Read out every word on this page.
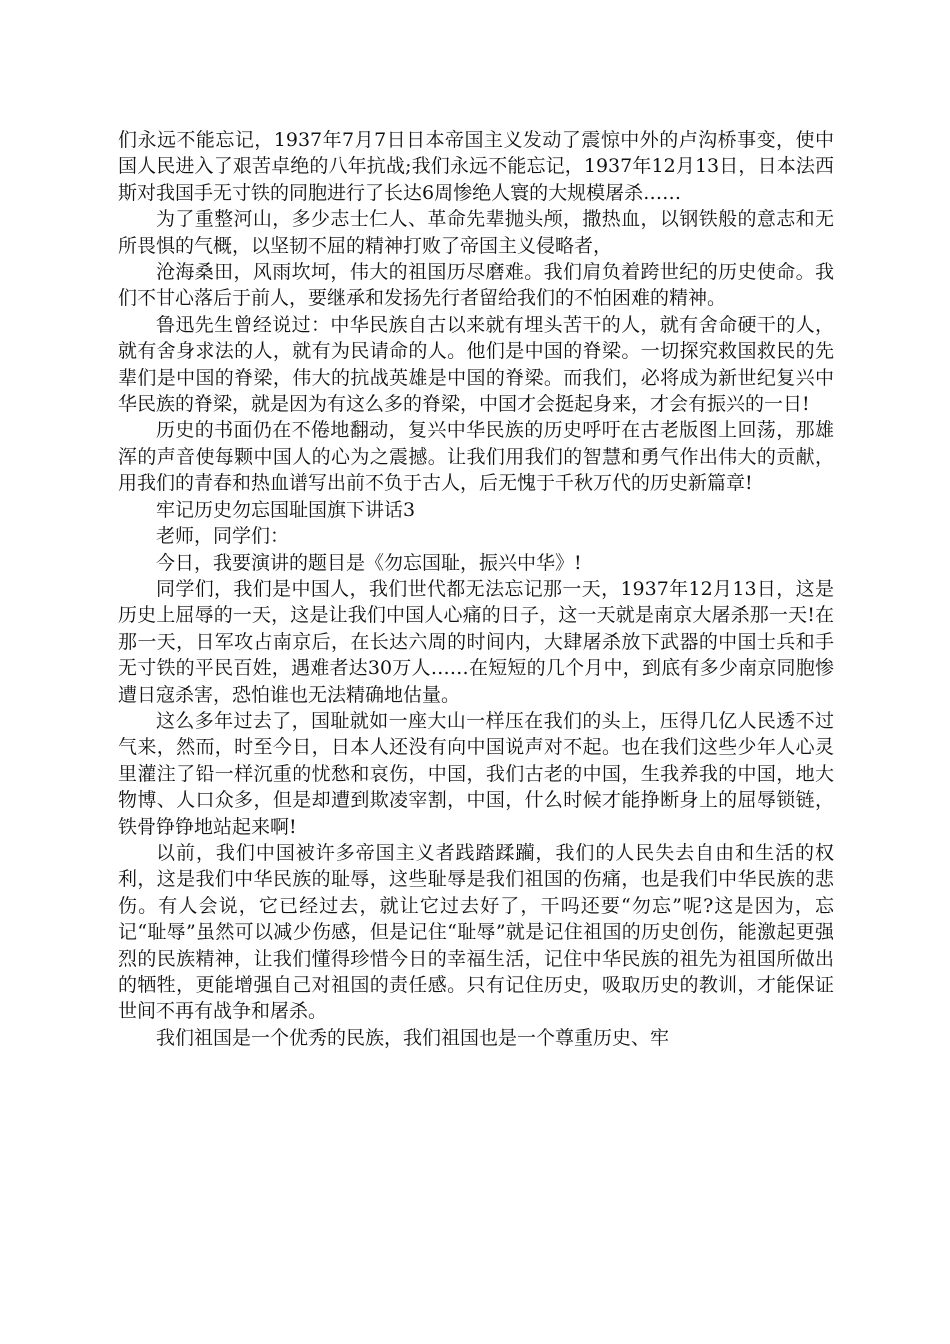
们永远不能忘记，1937年7月7日日本帝国主义发动了震惊中外的卢沟桥事变，使中国人民进入了艰苦卓绝的八年抗战;我们永远不能忘记，1937年12月13日，日本法西斯对我国手无寸铁的同胞进行了长达6周惨绝人寰的大规模屠杀……

为了重整河山，多少志士仁人、革命先辈抛头颅，撒热血，以钢铁般的意志和无所畏惧的气概，以坚韧不屈的精神打败了帝国主义侵略者，

沧海桑田，风雨坎坷，伟大的祖国历尽磨难。我们肩负着跨世纪的历史使命。我们不甘心落后于前人，要继承和发扬先行者留给我们的不怕困难的精神。

鲁迅先生曾经说过：中华民族自古以来就有埋头苦干的人，就有舍命硬干的人，就有舍身求法的人，就有为民请命的人。他们是中国的脊梁。一切探究救国救民的先辈们是中国的脊梁，伟大的抗战英雄是中国的脊梁。而我们，必将成为新世纪复兴中华民族的脊梁，就是因为有这么多的脊梁，中国才会挺起身来，才会有振兴的一日!

历史的书面仍在不倦地翻动，复兴中华民族的历史呼吁在古老版图上回荡，那雄浑的声音使每颗中国人的心为之震撼。让我们用我们的智慧和勇气作出伟大的贡献，用我们的青春和热血谱写出前不负于古人，后无愧于千秋万代的历史新篇章!

牢记历史勿忘国耻国旗下讲话3

老师，同学们：

今日，我要演讲的题目是《勿忘国耻，振兴中华》!

同学们，我们是中国人，我们世代都无法忘记那一天，1937年12月13日，这是历史上屈辱的一天，这是让我们中国人心痛的日子，这一天就是南京大屠杀那一天!在那一天，日军攻占南京后，在长达六周的时间内，大肆屠杀放下武器的中国士兵和手无寸铁的平民百姓，遇难者达30万人……在短短的几个月中，到底有多少南京同胞惨遭日寇杀害，恐怕谁也无法精确地估量。

这么多年过去了，国耻就如一座大山一样压在我们的头上，压得几亿人民透不过气来，然而，时至今日，日本人还没有向中国说声对不起。也在我们这些少年人心灵里灌注了铅一样沉重的忧愁和哀伤，中国，我们古老的中国，生我养我的中国，地大物博、人口众多，但是却遭到欺凌宰割，中国，什么时候才能挣断身上的屈辱锁链，铁骨铮铮地站起来啊!

以前，我们中国被许多帝国主义者践踏蹂躏，我们的人民失去自由和生活的权利，这是我们中华民族的耻辱，这些耻辱是我们祖国的伤痛，也是我们中华民族的悲伤。有人会说，它已经过去，就让它过去好了，干吗还要“勿忘”呢?这是因为，忘记“耻辱”虽然可以减少伤感，但是记住“耻辱”就是记住祖国的历史创伤，能激起更强烈的民族精神，让我们懂得珍惜今日的幸福生活，记住中华民族的祖先为祖国所做出的牺牲，更能增强自己对祖国的责任感。只有记住历史，吸取历史的教训，才能保证世间不再有战争和屠杀。

我们祖国是一个优秀的民族，我们祖国也是一个尊重历史、牢
